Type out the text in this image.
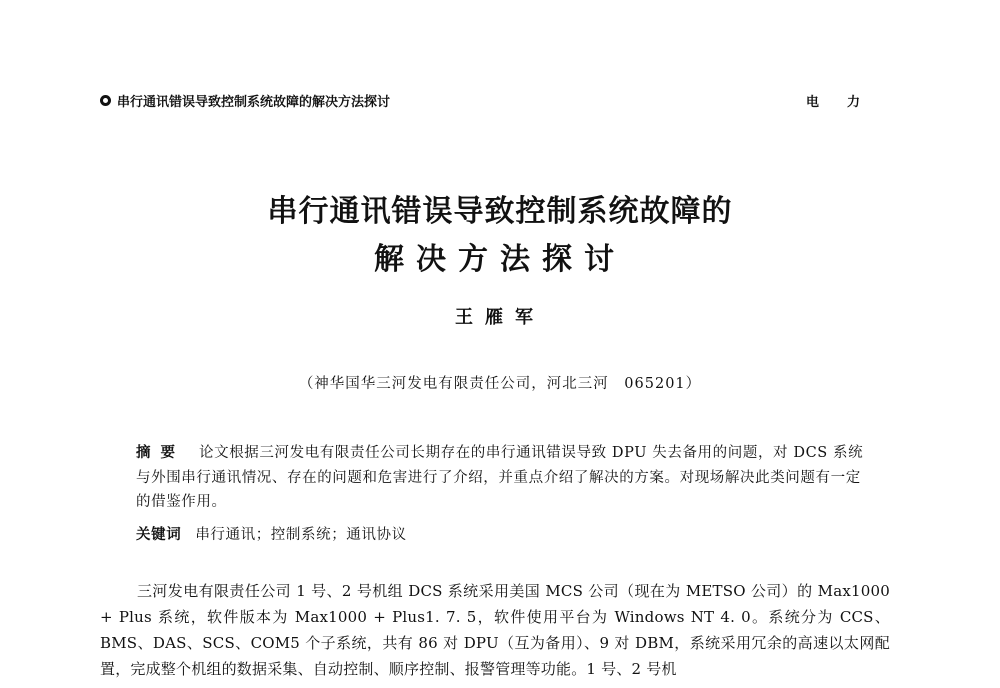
串行通讯错误导致控制系统故障的解决方法探讨	电力
串行通讯错误导致控制系统故障的
解决方法探讨
王雁军
（神华国华三河发电有限责任公司，河北三河　065201）
摘要 论文根据三河发电有限责任公司长期存在的串行通讯错误导致 DPU 失去备用的问题，对 DCS 系统与外围串行通讯情况、存在的问题和危害进行了介绍，并重点介绍了解决的方案。对现场解决此类问题有一定的借鉴作用。
关键词 串行通讯；控制系统；通讯协议
三河发电有限责任公司 1 号、2 号机组 DCS 系统采用美国 MCS 公司（现在为 METSO 公司）的 Max1000 + Plus 系统，软件版本为 Max1000 + Plus1. 7. 5，软件使用平台为 Windows NT 4. 0。系统分为 CCS、BMS、DAS、SCS、COM5 个子系统，共有 86 对 DPU（互为备用）、9 对 DBM，系统采用冗余的高速以太网配置，完成整个机组的数据采集、自动控制、顺序控制、报警管理等功能。1 号、2 号机
